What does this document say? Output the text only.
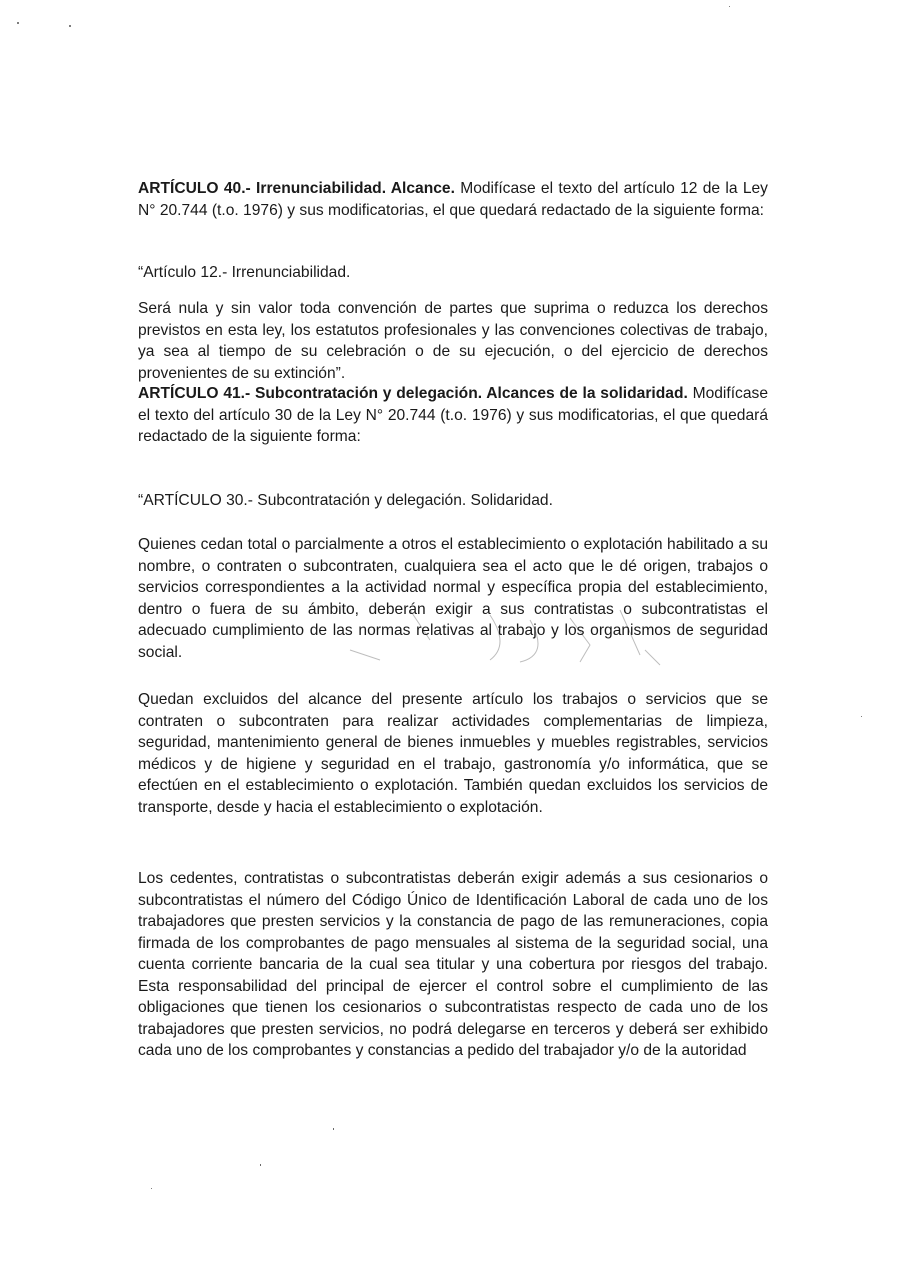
ARTÍCULO 40.- Irrenunciabilidad. Alcance. Modifícase el texto del artículo 12 de la Ley N° 20.744 (t.o. 1976) y sus modificatorias, el que quedará redactado de la siguiente forma:

“Artículo 12.- Irrenunciabilidad.

Será nula y sin valor toda convención de partes que suprima o reduzca los derechos previstos en esta ley, los estatutos profesionales y las convenciones colectivas de trabajo, ya sea al tiempo de su celebración o de su ejecución, o del ejercicio de derechos provenientes de su extinción”.

ARTÍCULO 41.- Subcontratación y delegación. Alcances de la solidaridad. Modifícase el texto del artículo 30 de la Ley N° 20.744 (t.o. 1976) y sus modificatorias, el que quedará redactado de la siguiente forma:

“ARTÍCULO 30.- Subcontratación y delegación. Solidaridad.

Quienes cedan total o parcialmente a otros el establecimiento o explotación habilitado a su nombre, o contraten o subcontraten, cualquiera sea el acto que le dé origen, trabajos o servicios correspondientes a la actividad normal y específica propia del establecimiento, dentro o fuera de su ámbito, deberán exigir a sus contratistas o subcontratistas el adecuado cumplimiento de las normas relativas al trabajo y los organismos de seguridad social.

Quedan excluidos del alcance del presente artículo los trabajos o servicios que se contraten o subcontraten para realizar actividades complementarias de limpieza, seguridad, mantenimiento general de bienes inmuebles y muebles registrables, servicios médicos y de higiene y seguridad en el trabajo, gastronomía y/o informática, que se efectúen en el establecimiento o explotación. También quedan excluidos los servicios de transporte, desde y hacia el establecimiento o explotación.

Los cedentes, contratistas o subcontratistas deberán exigir además a sus cesionarios o subcontratistas el número del Código Único de Identificación Laboral de cada uno de los trabajadores que presten servicios y la constancia de pago de las remuneraciones, copia firmada de los comprobantes de pago mensuales al sistema de la seguridad social, una cuenta corriente bancaria de la cual sea titular y una cobertura por riesgos del trabajo. Esta responsabilidad del principal de ejercer el control sobre el cumplimiento de las obligaciones que tienen los cesionarios o subcontratistas respecto de cada uno de los trabajadores que presten servicios, no podrá delegarse en terceros y deberá ser exhibido cada uno de los comprobantes y constancias a pedido del trabajador y/o de la autoridad
